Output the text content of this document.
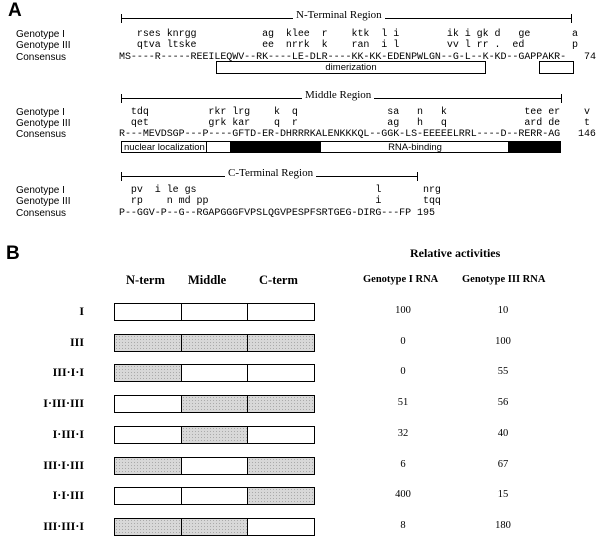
A	N-Terminal Region
Genotype I
Genotype III
Consensus
rses knrgg           ag  klee  r    ktk  l i        ik i gk d   ge       a
qtva ltske           ee  nrrk  k    ran  i l        vv l rr .  ed        p
MS----R-----REEILEQWV--RK----LE-DLR----KK-KK-EDENPWLGN--G-L--K-KD--GAPPAKR- 74
dimerization
Middle Region
Genotype I
Genotype III
Consensus
tdq          rkr lrg    k  q               sa   n   k             tee er    v
qet          grk kar    q  r               ag   h   q             ard de    t
R---MEVDSGP---P----GFTD-ER-DHRRRKALENKKKQL--GGK-LS-EEEEELRRL----D--RERR-AG 146
nuclear localization	RNA-binding
C-Terminal Region
Genotype I
Genotype III
Consensus
pv  i le gs                              l       nrg
rp    n md pp                            i       tqq
P--GGV-P--G--RGAPGGGFVPSLQGVPESPFSRTGEG-DIRG---FP 195
B
N-term Middle	C-term
Relative activities
Genotype I RNA Genotype III RNA
I	100	10
III	0	100
III·I·I	0	55
I·III·III	51	56
I·III·I	32	40
III·I·III	6	67
I·I·III	400	15
III·III·I	8	180
